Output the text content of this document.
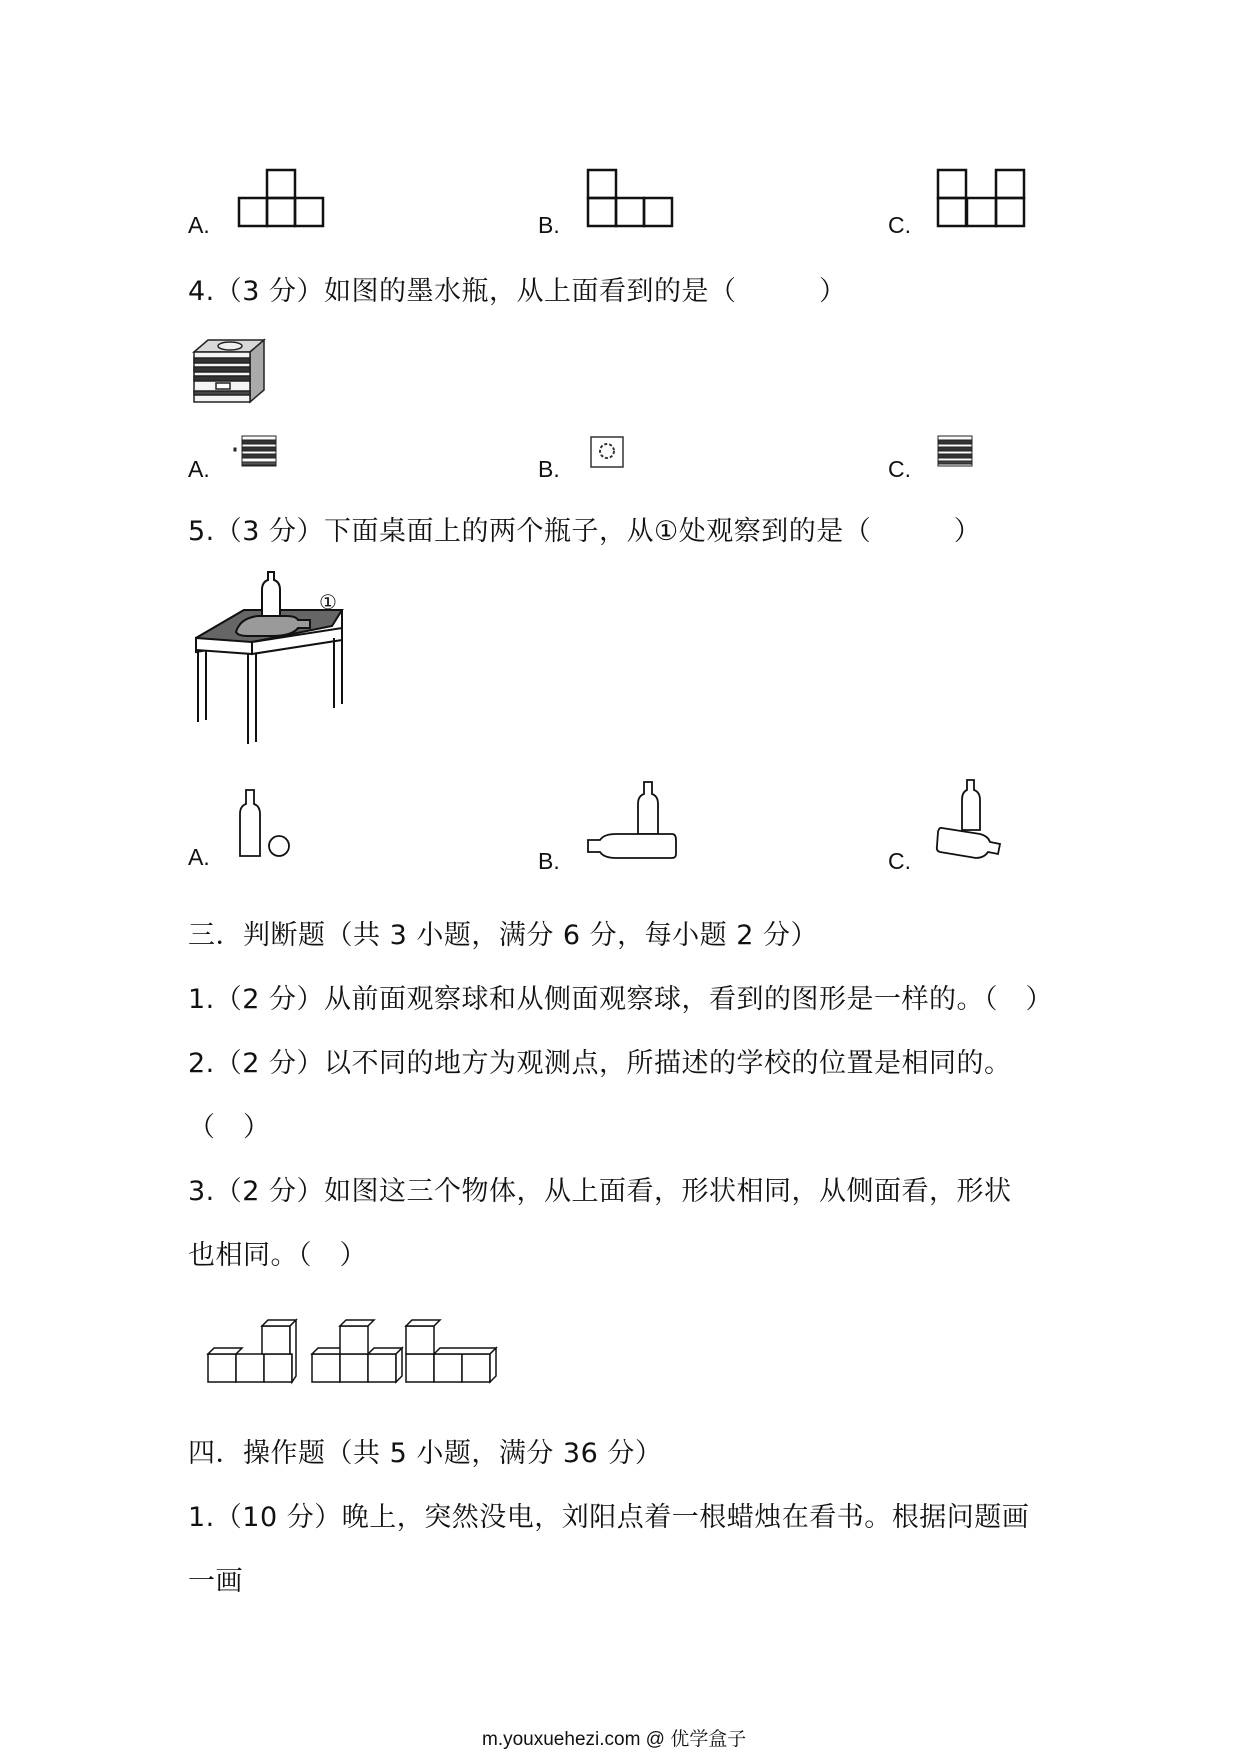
A.	B.	C.
4.（3 分）如图的墨水瓶，从上面看到的是（　　　）
A.	B.	C.
5.（3 分）下面桌面上的两个瓶子，从①处观察到的是（　　　）
①
A.	B.	C.
三．判断题（共 3 小题，满分 6 分，每小题 2 分）
1.（2 分）从前面观察球和从侧面观察球，看到的图形是一样的。（　）
2.（2 分）以不同的地方为观测点，所描述的学校的位置是相同的。
（　）
3.（2 分）如图这三个物体，从上面看，形状相同，从侧面看，形状
也相同。（　）
四．操作题（共 5 小题，满分 36 分）
1.（10 分）晚上，突然没电，刘阳点着一根蜡烛在看书。根据问题画
一画
m.youxuehezi.com @ 优学盒子
